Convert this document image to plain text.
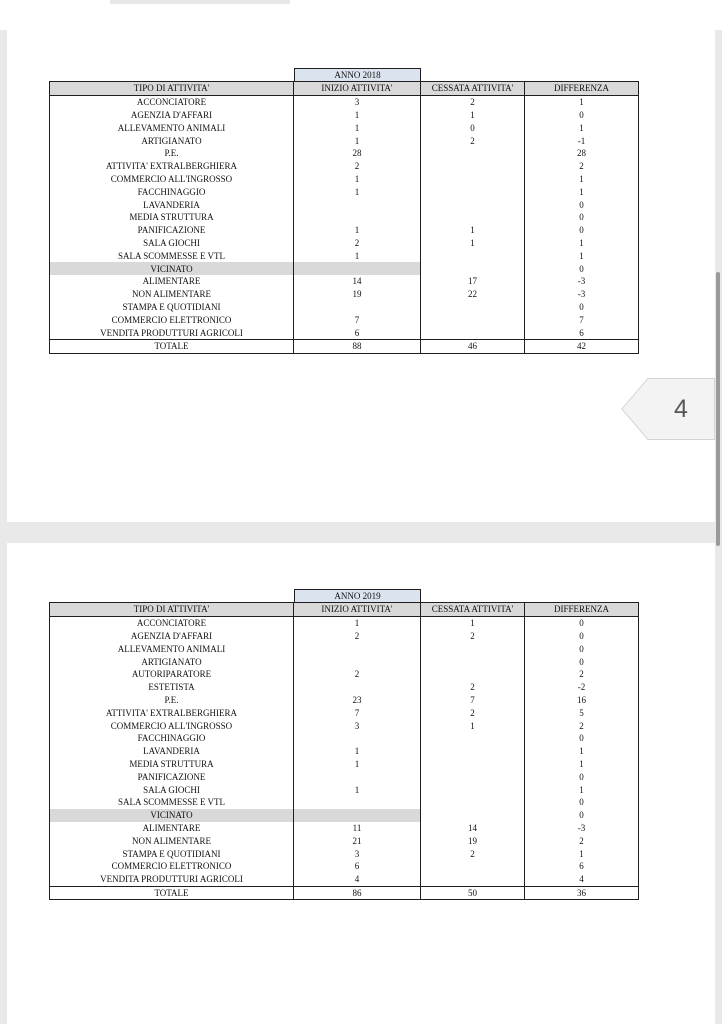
ANNO 2018
TIPO DI ATTIVITA'	INIZIO ATTIVITA'	CESSATA ATTIVITA'	DIFFERENZA
ACCONCIATORE	3	2	1
AGENZIA D'AFFARI	1	1	0
ALLEVAMENTO ANIMALI	1	0	1
ARTIGIANATO	1	2	-1
P.E.	28		28
ATTIVITA' EXTRALBERGHIERA	2		2
COMMERCIO ALL'INGROSSO	1		1
FACCHINAGGIO	1		1
LAVANDERIA			0
MEDIA STRUTTURA			0
PANIFICAZIONE	1	1	0
SALA GIOCHI	2	1	1
SALA SCOMMESSE E VTL	1		1
VICINATO			0
ALIMENTARE	14	17	-3
NON ALIMENTARE	19	22	-3
STAMPA E QUOTIDIANI			0
COMMERCIO ELETTRONICO	7		7
VENDITA PRODUTTURI AGRICOLI	6		6
TOTALE	88	46	42
ANNO 2019
TIPO DI ATTIVITA'	INIZIO ATTIVITA'	CESSATA ATTIVITA'	DIFFERENZA
ACCONCIATORE	1	1	0
AGENZIA D'AFFARI	2	2	0
ALLEVAMENTO ANIMALI			0
ARTIGIANATO			0
AUTORIPARATORE	2		2
ESTETISTA		2	-2
P.E.	23	7	16
ATTIVITA' EXTRALBERGHIERA	7	2	5
COMMERCIO ALL'INGROSSO	3	1	2
FACCHINAGGIO			0
LAVANDERIA	1		1
MEDIA STRUTTURA	1		1
PANIFICAZIONE			0
SALA GIOCHI	1		1
SALA SCOMMESSE E VTL			0
VICINATO			0
ALIMENTARE	11	14	-3
NON ALIMENTARE	21	19	2
STAMPA E QUOTIDIANI	3	2	1
COMMERCIO ELETTRONICO	6		6
VENDITA PRODUTTURI AGRICOLI	4		4
TOTALE	86	50	36
4
